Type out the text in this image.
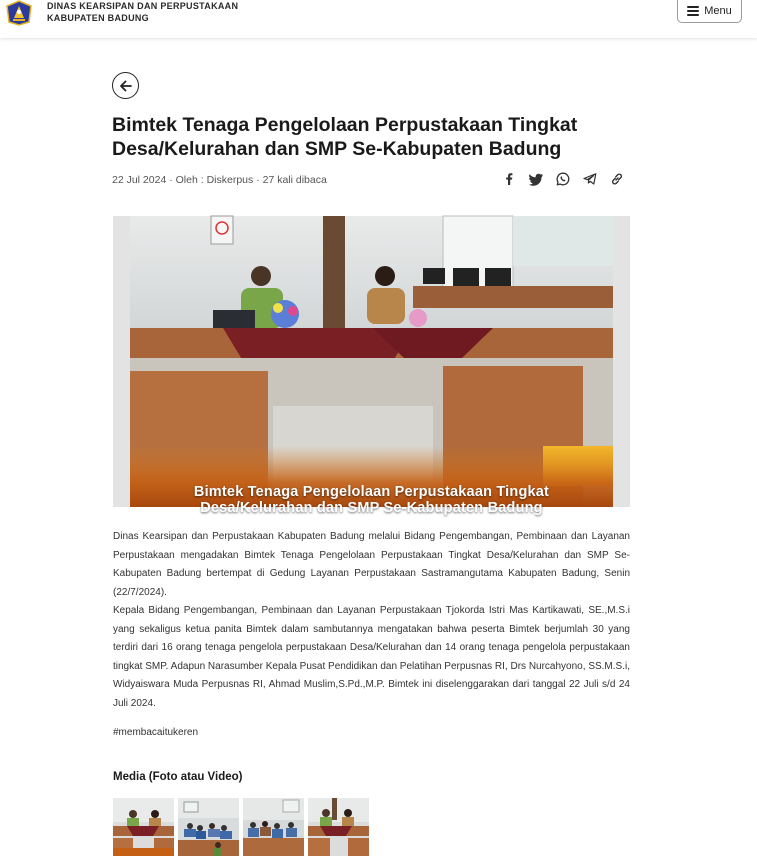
DINAS KEARSIPAN DAN PERPUSTAKAAN
KABUPATEN BADUNG
Menu
Bimtek Tenaga Pengelolaan Perpustakaan Tingkat Desa/Kelurahan dan SMP Se-Kabupaten Badung
22 Jul 2024 · Oleh : Diskerpus · 27 kali dibaca
Bimtek Tenaga Pengelolaan Perpustakaan Tingkat
Desa/Kelurahan dan SMP Se-Kabupaten Badung

Dinas Kearsipan dan Perpustakaan Kabupaten Badung melalui Bidang Pengembangan, Pembinaan dan Layanan Perpustakaan mengadakan Bimtek Tenaga Pengelolaan Perpustakaan Tingkat Desa/Kelurahan dan SMP Se-Kabupaten Badung bertempat di Gedung Layanan Perpustakaan Sastramangutama Kabupaten Badung, Senin (22/7/2024).

Kepala Bidang Pengembangan, Pembinaan dan Layanan Perpustakaan Tjokorda Istri Mas Kartikawati, SE.,M.S.i yang sekaligus ketua panita Bimtek dalam sambutannya mengatakan bahwa peserta Bimtek berjumlah 30 yang terdiri dari 16 orang tenaga pengelola perpustakaan Desa/Kelurahan dan 14 orang tenaga pengelola perpustakaan tingkat SMP. Adapun Narasumber Kepala Pusat Pendidikan dan Pelatihan Perpusnas RI, Drs Nurcahyono, SS.M.S.i, Widyaiswara Muda Perpusnas RI, Ahmad Muslim,S.Pd.,M.P. Bimtek ini diselenggarakan dari tanggal 22 Juli s/d 24 Juli 2024.

#membacaitukeren
Media (Foto atau Video)
